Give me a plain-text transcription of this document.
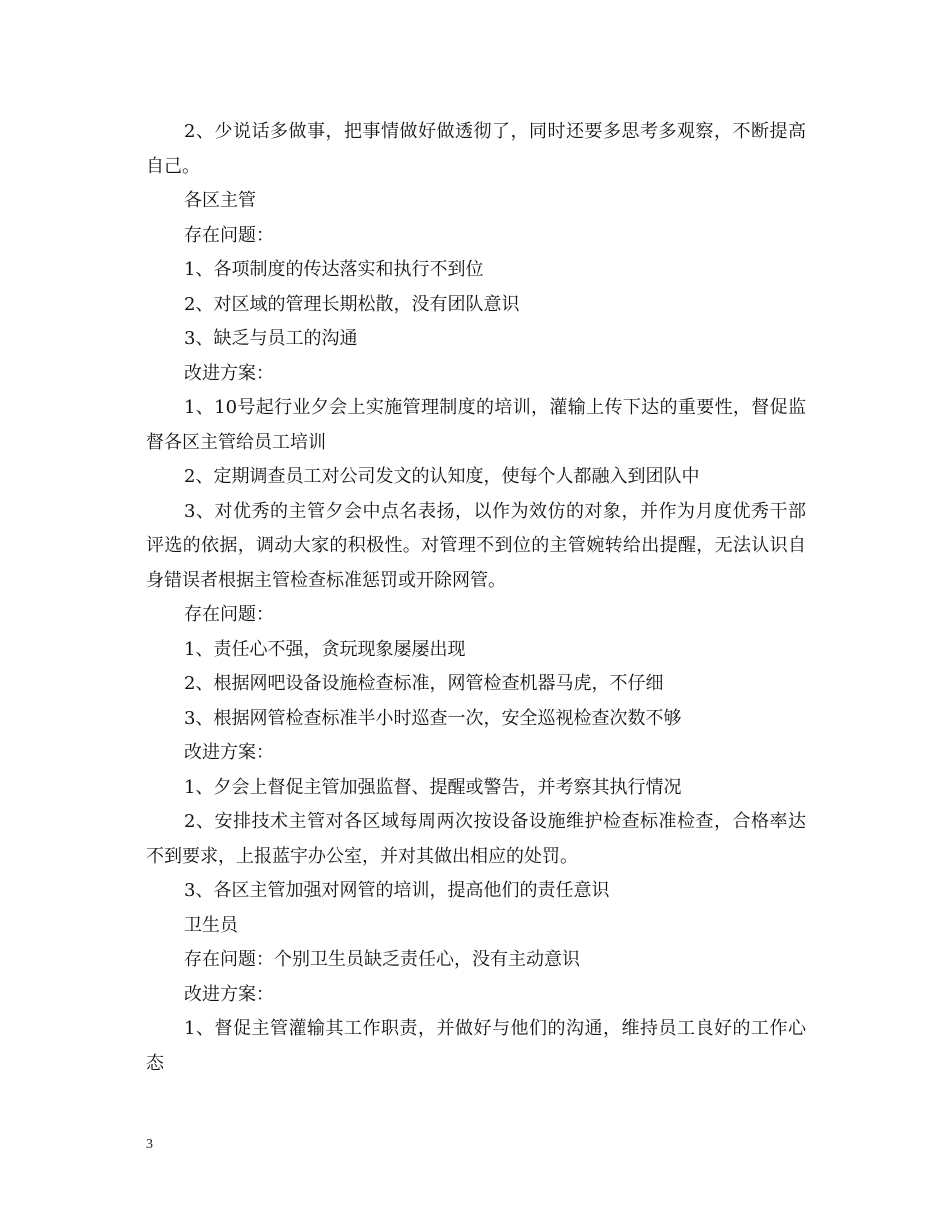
2、少说话多做事，把事情做好做透彻了，同时还要多思考多观察，不断提高自己。

各区主管

存在问题：

1、各项制度的传达落实和执行不到位

2、对区域的管理长期松散，没有团队意识

3、缺乏与员工的沟通

改进方案：

1、10号起行业夕会上实施管理制度的培训，灌输上传下达的重要性，督促监督各区主管给员工培训

2、定期调查员工对公司发文的认知度，使每个人都融入到团队中

3、对优秀的主管夕会中点名表扬，以作为效仿的对象，并作为月度优秀干部评选的依据，调动大家的积极性。对管理不到位的主管婉转给出提醒，无法认识自身错误者根据主管检查标准惩罚或开除网管。

存在问题：

1、责任心不强，贪玩现象屡屡出现

2、根据网吧设备设施检查标准，网管检查机器马虎，不仔细

3、根据网管检查标准半小时巡查一次，安全巡视检查次数不够

改进方案：

1、夕会上督促主管加强监督、提醒或警告，并考察其执行情况

2、安排技术主管对各区域每周两次按设备设施维护检查标准检查，合格率达不到要求，上报蓝宇办公室，并对其做出相应的处罚。

3、各区主管加强对网管的培训，提高他们的责任意识

卫生员

存在问题：个别卫生员缺乏责任心，没有主动意识

改进方案：

1、督促主管灌输其工作职责，并做好与他们的沟通，维持员工良好的工作心态

3
